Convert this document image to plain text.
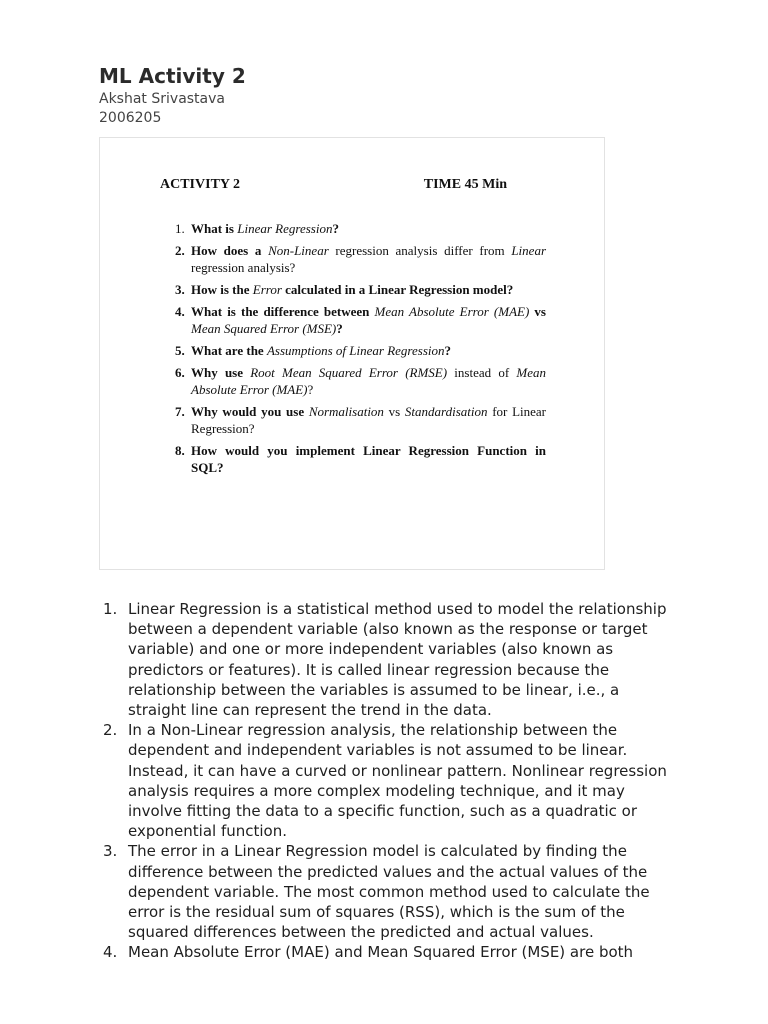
ML Activity 2
Akshat Srivastava
2006205
ACTIVITY 2	TIME 45 Min
1. What is Linear Regression?
2. How does a Non-Linear regression analysis differ from Linear regression analysis?
3. How is the Error calculated in a Linear Regression model?
4. What is the difference between Mean Absolute Error (MAE) vs Mean Squared Error (MSE)?
5. What are the Assumptions of Linear Regression?
6. Why use Root Mean Squared Error (RMSE) instead of Mean Absolute Error (MAE)?
7. Why would you use Normalisation vs Standardisation for Linear Regression?
8. How would you implement Linear Regression Function in SQL?
1. Linear Regression is a statistical method used to model the relationship between a dependent variable (also known as the response or target variable) and one or more independent variables (also known as predictors or features). It is called linear regression because the relationship between the variables is assumed to be linear, i.e., a straight line can represent the trend in the data.
2. In a Non-Linear regression analysis, the relationship between the dependent and independent variables is not assumed to be linear. Instead, it can have a curved or nonlinear pattern. Nonlinear regression analysis requires a more complex modeling technique, and it may involve fitting the data to a specific function, such as a quadratic or exponential function.
3. The error in a Linear Regression model is calculated by finding the difference between the predicted values and the actual values of the dependent variable. The most common method used to calculate the error is the residual sum of squares (RSS), which is the sum of the squared differences between the predicted and actual values.
4. Mean Absolute Error (MAE) and Mean Squared Error (MSE) are both
